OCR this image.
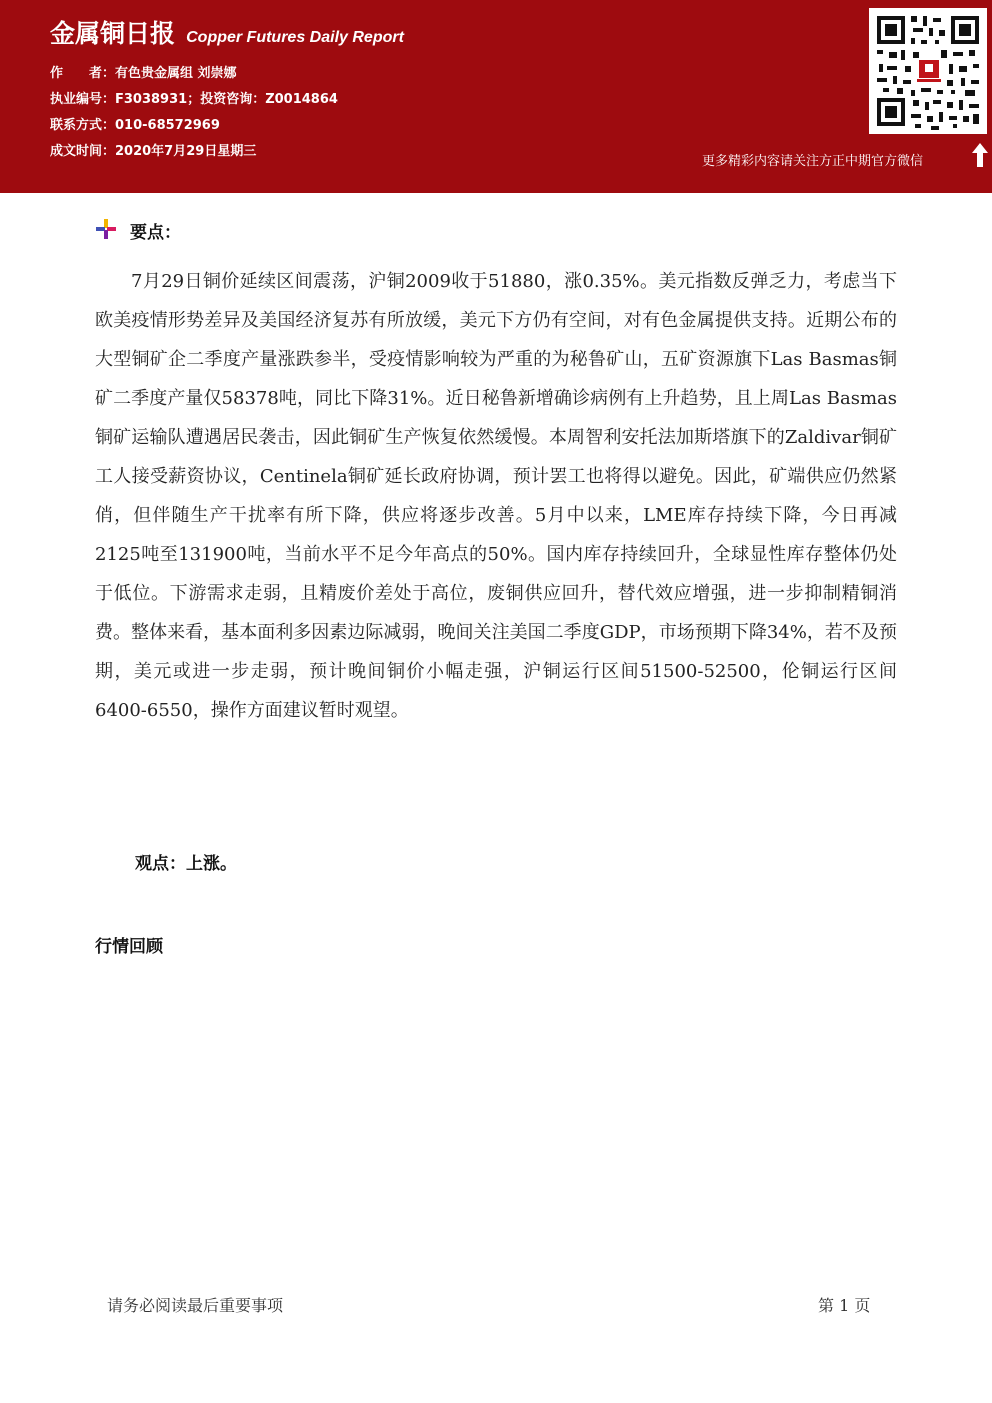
金属铜日报 Copper Futures Daily Report
作　　者：有色贵金属组 刘崇娜
执业编号：F3038931；投资咨询：Z0014864
联系方式：010-68572969
成文时间：2020年7月29日星期三
更多精彩内容请关注方正中期官方微信
要点：

7月29日铜价延续区间震荡，沪铜2009收于51880，涨0.35%。美元指数反弹乏力，考虑当下欧美疫情形势差异及美国经济复苏有所放缓，美元下方仍有空间，对有色金属提供支持。近期公布的大型铜矿企二季度产量涨跌参半，受疫情影响较为严重的为秘鲁矿山，五矿资源旗下Las Basmas铜矿二季度产量仅58378吨，同比下降31%。近日秘鲁新增确诊病例有上升趋势，且上周Las Basmas铜矿运输队遭遇居民袭击，因此铜矿生产恢复依然缓慢。本周智利安托法加斯塔旗下的Zaldivar铜矿工人接受薪资协议，Centinela铜矿延长政府协调，预计罢工也将得以避免。因此，矿端供应仍然紧俏，但伴随生产干扰率有所下降，供应将逐步改善。5月中以来，LME库存持续下降，今日再减2125吨至131900吨，当前水平不足今年高点的50%。国内库存持续回升，全球显性库存整体仍处于低位。下游需求走弱，且精废价差处于高位，废铜供应回升，替代效应增强，进一步抑制精铜消费。整体来看，基本面利多因素边际减弱，晚间关注美国二季度GDP，市场预期下降34%，若不及预期，美元或进一步走弱，预计晚间铜价小幅走强，沪铜运行区间51500-52500，伦铜运行区间6400-6550，操作方面建议暂时观望。

观点：上涨。
行情回顾
请务必阅读最后重要事项	第 1 页
